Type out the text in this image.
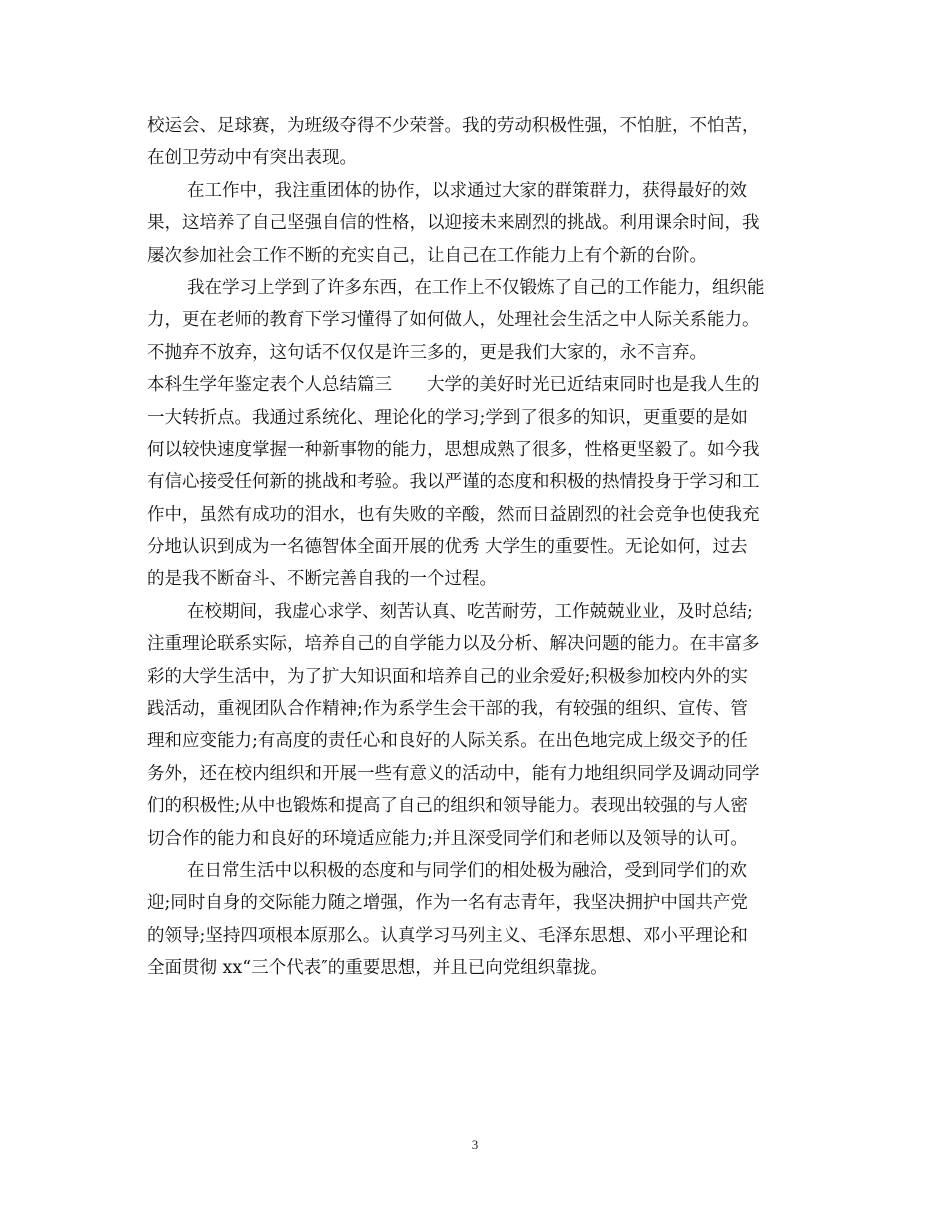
校运会、足球赛，为班级夺得不少荣誉。我的劳动积极性强，不怕脏，不怕苦，
在创卫劳动中有突出表现。
在工作中，我注重团体的协作，以求通过大家的群策群力，获得最好的效
果，这培养了自己坚强自信的性格，以迎接未来剧烈的挑战。利用课余时间，我
屡次参加社会工作不断的充实自己，让自己在工作能力上有个新的台阶。
我在学习上学到了许多东西，在工作上不仅锻炼了自己的工作能力，组织能
力，更在老师的教育下学习懂得了如何做人，处理社会生活之中人际关系能力。
不抛弃不放弃，这句话不仅仅是许三多的，更是我们大家的，永不言弃。
本科生学年鉴定表个人总结篇三　　大学的美好时光已近结束同时也是我人生的
一大转折点。我通过系统化、理论化的学习;学到了很多的知识，更重要的是如
何以较快速度掌握一种新事物的能力，思想成熟了很多，性格更坚毅了。如今我
有信心接受任何新的挑战和考验。我以严谨的态度和积极的热情投身于学习和工
作中，虽然有成功的泪水，也有失败的辛酸，然而日益剧烈的社会竞争也使我充
分地认识到成为一名德智体全面开展的优秀 大学生的重要性。无论如何，过去
的是我不断奋斗、不断完善自我的一个过程。
在校期间，我虚心求学、刻苦认真、吃苦耐劳，工作兢兢业业，及时总结;
注重理论联系实际，培养自己的自学能力以及分析、解决问题的能力。在丰富多
彩的大学生活中，为了扩大知识面和培养自己的业余爱好;积极参加校内外的实
践活动，重视团队合作精神;作为系学生会干部的我，有较强的组织、宣传、管
理和应变能力;有高度的责任心和良好的人际关系。在出色地完成上级交予的任
务外，还在校内组织和开展一些有意义的活动中，能有力地组织同学及调动同学
们的积极性;从中也锻炼和提高了自己的组织和领导能力。表现出较强的与人密
切合作的能力和良好的环境适应能力;并且深受同学们和老师以及领导的认可。
在日常生活中以积极的态度和与同学们的相处极为融洽，受到同学们的欢
迎;同时自身的交际能力随之增强，作为一名有志青年，我坚决拥护中国共产党
的领导;坚持四项根本原那么。认真学习马列主义、毛泽东思想、邓小平理论和
全面贯彻 xx“三个代表″的重要思想，并且已向党组织靠拢。
3
